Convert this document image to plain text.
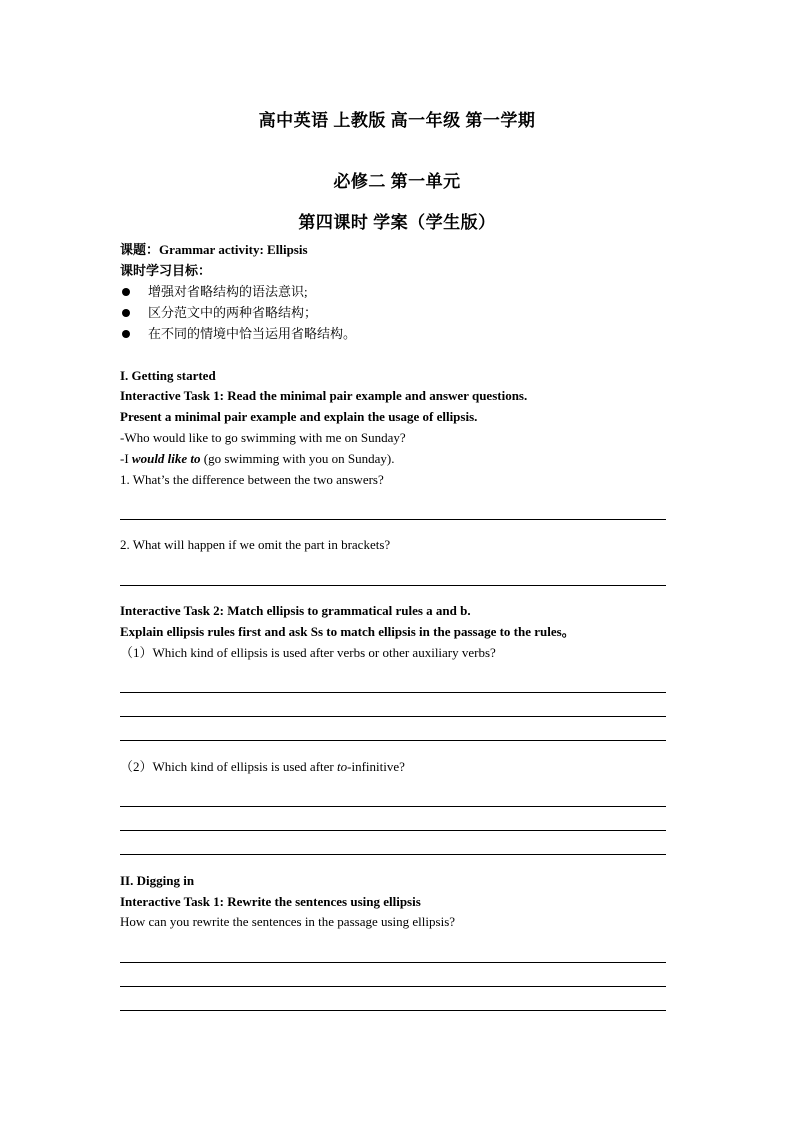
高中英语 上教版 高一年级 第一学期
必修二 第一单元
第四课时 学案（学生版）
课题：Grammar activity: Ellipsis
课时学习目标：
增强对省略结构的语法意识;
区分范文中的两种省略结构；
在不同的情境中恰当运用省略结构。
I. Getting started
Interactive Task 1: Read the minimal pair example and answer questions.
Present a minimal pair example and explain the usage of ellipsis.
-Who would like to go swimming with me on Sunday?
-I would like to (go swimming with you on Sunday).
1. What’s the difference between the two answers?
2. What will happen if we omit the part in brackets?
Interactive Task 2: Match ellipsis to grammatical rules a and b.
Explain ellipsis rules first and ask Ss to match ellipsis in the passage to the rules。
（1）Which kind of ellipsis is used after verbs or other auxiliary verbs?
（2）Which kind of ellipsis is used after to-infinitive?
II. Digging in
Interactive Task 1: Rewrite the sentences using ellipsis
How can you rewrite the sentences in the passage using ellipsis?
